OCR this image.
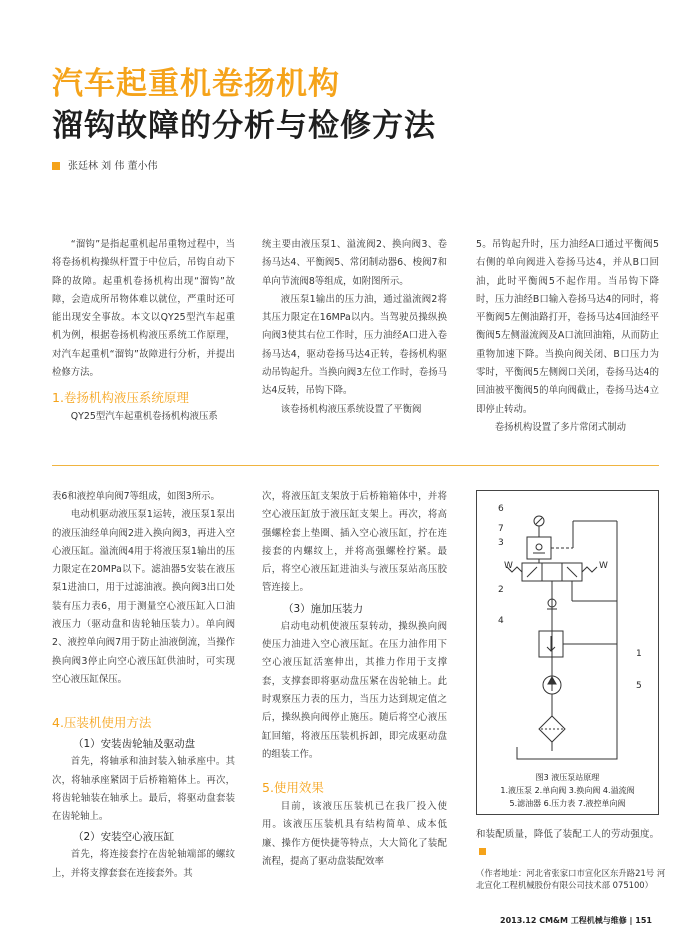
汽车起重机卷扬机构
溜钩故障的分析与检修方法
张廷林 刘 伟 董小伟

“溜钩”是指起重机起吊重物过程中，当将卷扬机构操纵杆置于中位后，吊钩自动下降的故障。起重机卷扬机构出现“溜钩”故障，会造成所吊物体难以就位，严重时还可能出现安全事故。本文以QY25型汽车起重机为例，根据卷扬机构液压系统工作原理，对汽车起重机“溜钩”故障进行分析，并提出检修方法。

1.卷扬机构液压系统原理

QY25型汽车起重机卷扬机构液压系

统主要由液压泵1、溢流阀2、换向阀3、卷扬马达4、平衡阀5、常闭制动器6、梭阀7和单向节流阀8等组成，如附图所示。

液压泵1输出的压力油，通过溢流阀2将其压力限定在16MPa以内。当驾驶员操纵换向阀3使其右位工作时，压力油经A口进入卷扬马达4，驱动卷扬马达4正转，卷扬机构驱动吊钩起升。当换向阀3左位工作时，卷扬马达4反转，吊钩下降。

该卷扬机构液压系统设置了平衡阀

5。吊钩起升时，压力油经A口通过平衡阀5右侧的单向阀进入卷扬马达4，并从B口回油，此时平衡阀5不起作用。当吊钩下降时，压力油经B口输入卷扬马达4的同时，将平衡阀5左侧油路打开，卷扬马达4回油经平衡阀5左侧溢流阀及A口流回油箱，从而防止重物加速下降。当换向阀关闭、B口压力为零时，平衡阀5左侧阀口关闭，卷扬马达4的回油被平衡阀5的单向阀截止，卷扬马达4立即停止转动。

卷扬机构设置了多片常闭式制动

表6和液控单向阀7等组成，如图3所示。

电动机驱动液压泵1运转，液压泵1泵出的液压油经单向阀2进入换向阀3，再进入空心液压缸。溢流阀4用于将液压泵1输出的压力限定在20MPa以下。滤油器5安装在液压泵1进油口，用于过滤油液。换向阀3出口处装有压力表6，用于测量空心液压缸入口油液压力（驱动盘和齿轮轴压装力）。单向阀2、液控单向阀7用于防止油液倒流，当操作换向阀3停止向空心液压缸供油时，可实现空心液压缸保压。

4.压装机使用方法

（1）安装齿轮轴及驱动盘

首先，将轴承和油封装入轴承座中。其次，将轴承座紧固于后桥箱箱体上。再次，将齿轮轴装在轴承上。最后，将驱动盘套装在齿轮轴上。

（2）安装空心液压缸

首先，将连接套拧在齿轮轴端部的螺纹上，并将支撑套套在连接套外。其

次，将液压缸支架放于后桥箱箱体中，并将空心液压缸放于液压缸支架上。再次，将高强螺栓套上垫圈、插入空心液压缸，拧在连接套的内螺纹上，并将高强螺栓拧紧。最后，将空心液压缸进油头与液压泵站高压胶管连接上。

（3）施加压装力

启动电动机使液压泵转动，操纵换向阀使压力油进入空心液压缸。在压力油作用下空心液压缸活塞伸出，其推力作用于支撑套，支撑套即将驱动盘压紧在齿轮轴上。此时观察压力表的压力，当压力达到规定值之后，操纵换向阀停止施压。随后将空心液压缸回缩，将液压压装机拆卸，即完成驱动盘的组装工作。

5.使用效果

目前，该液压压装机已在我厂投入使用。该液压压装机具有结构简单、成本低廉、操作方便快捷等特点，大大简化了装配流程，提高了驱动盘装配效率

和装配质量，降低了装配工人的劳动强度。

6
7
3
2
4
1
5
W	W
图3 液压泵站原理
1.液压泵 2.单向阀 3.换向阀 4.溢流阀
5.滤油器 6.压力表 7.液控单向阀
（作者地址：河北省张家口市宣化区东升路21号 河北宣化工程机械股份有限公司技术部 075100）
2013.12 CM&M 工程机械与维修 | 151
